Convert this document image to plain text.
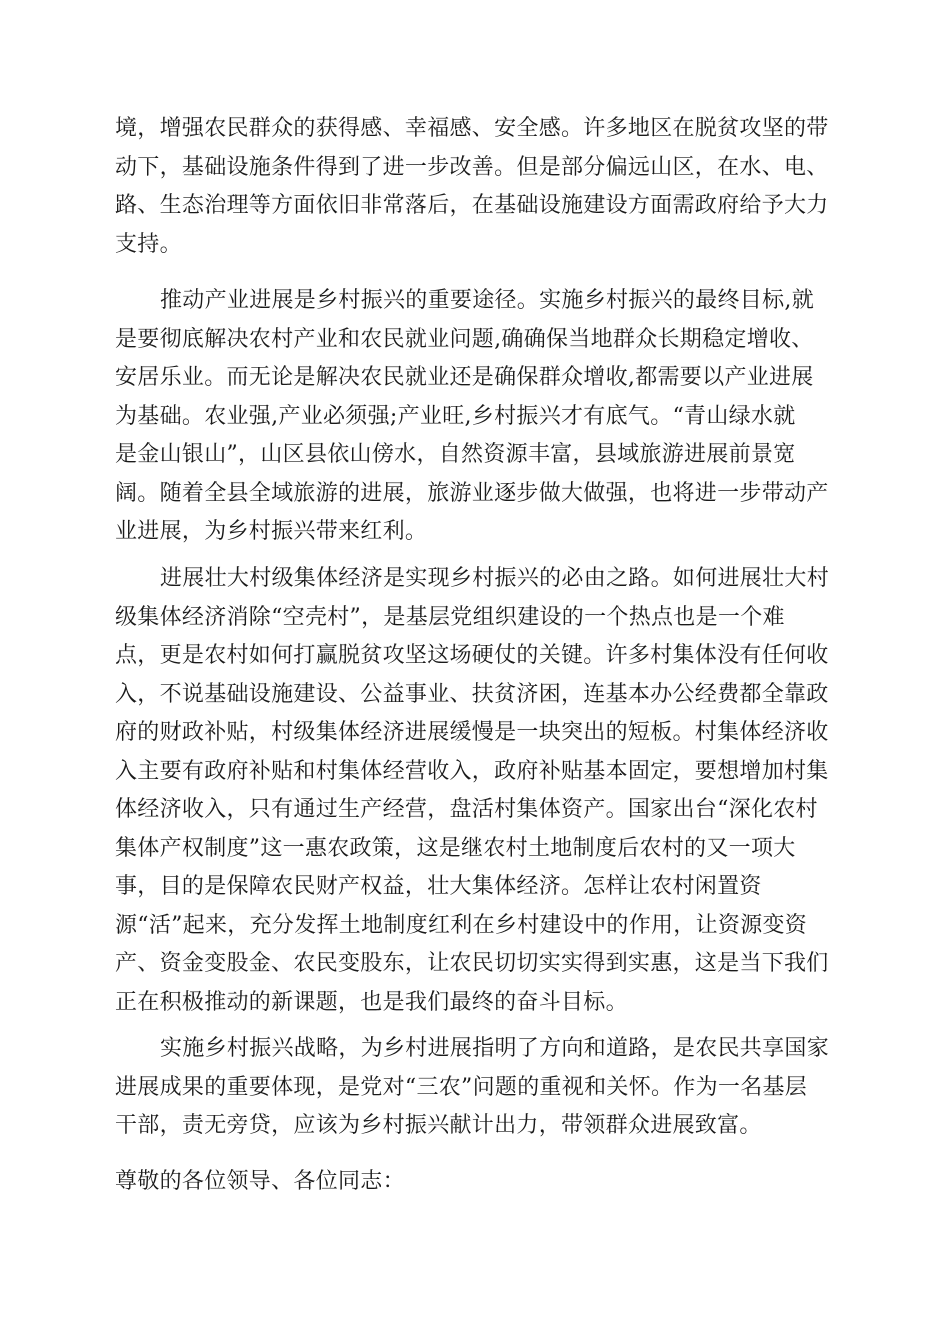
境，增强农民群众的获得感、幸福感、安全感。许多地区在脱贫攻坚的带
动下，基础设施条件得到了进一步改善。但是部分偏远山区，在水、电、
路、生态治理等方面依旧非常落后，在基础设施建设方面需政府给予大力
支持。

推动产业进展是乡村振兴的重要途径。实施乡村振兴的最终目标,就
是要彻底解决农村产业和农民就业问题,确确保当地群众长期稳定增收、
安居乐业。而无论是解决农民就业还是确保群众增收,都需要以产业进展
为基础。农业强,产业必须强;产业旺,乡村振兴才有底气。“青山绿水就
是金山银山”，山区县依山傍水，自然资源丰富，县域旅游进展前景宽
阔。随着全县全域旅游的进展，旅游业逐步做大做强，也将进一步带动产
业进展，为乡村振兴带来红利。

进展壮大村级集体经济是实现乡村振兴的必由之路。如何进展壮大村
级集体经济消除“空壳村”，是基层党组织建设的一个热点也是一个难
点，更是农村如何打赢脱贫攻坚这场硬仗的关键。许多村集体没有任何收
入，不说基础设施建设、公益事业、扶贫济困，连基本办公经费都全靠政
府的财政补贴，村级集体经济进展缓慢是一块突出的短板。村集体经济收
入主要有政府补贴和村集体经营收入，政府补贴基本固定，要想增加村集
体经济收入，只有通过生产经营，盘活村集体资产。国家出台“深化农村
集体产权制度”这一惠农政策，这是继农村土地制度后农村的又一项大
事，目的是保障农民财产权益，壮大集体经济。怎样让农村闲置资
源“活”起来，充分发挥土地制度红利在乡村建设中的作用，让资源变资
产、资金变股金、农民变股东，让农民切切实实得到实惠，这是当下我们
正在积极推动的新课题，也是我们最终的奋斗目标。

实施乡村振兴战略，为乡村进展指明了方向和道路，是农民共享国家
进展成果的重要体现，是党对“三农”问题的重视和关怀。作为一名基层
干部，责无旁贷，应该为乡村振兴献计出力，带领群众进展致富。

尊敬的各位领导、各位同志：
